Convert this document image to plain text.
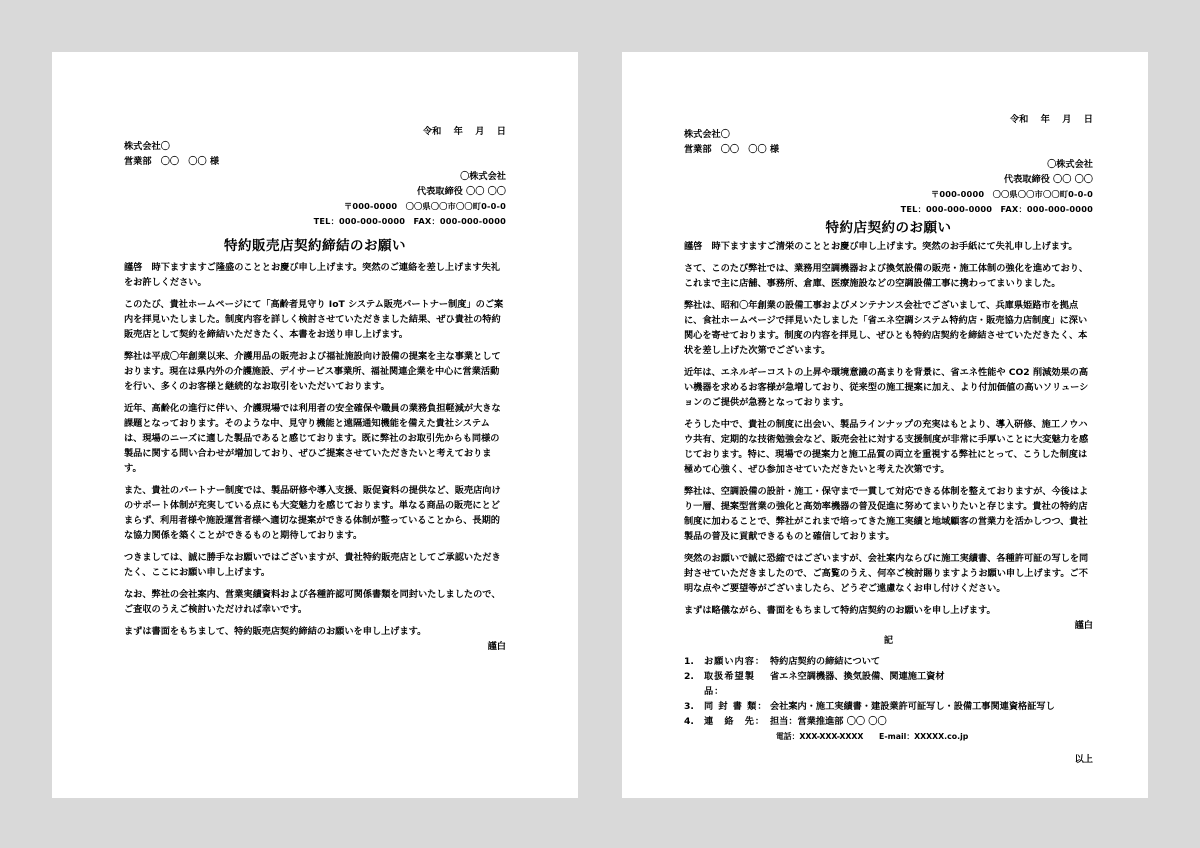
令和　 年　 月　 日
株式会社〇
営業部　〇〇　〇〇 様
〇株式会社
代表取締役 〇〇 〇〇
〒000-0000　〇〇県〇〇市〇〇町0-0-0
TEL：000-000-0000　FAX：000-000-0000
特約販売店契約締結のお願い

謹啓　時下ますますご隆盛のこととお慶び申し上げます。突然のご連絡を差し上げます失礼をお許しください。

このたび、貴社ホームページにて「高齢者見守り IoT システム販売パートナー制度」のご案内を拝見いたしました。制度内容を詳しく検討させていただきました結果、ぜひ貴社の特約販売店として契約を締結いただきたく、本書をお送り申し上げます。

弊社は平成〇年創業以来、介護用品の販売および福祉施設向け設備の提案を主な事業としております。現在は県内外の介護施設、デイサービス事業所、福祉関連企業を中心に営業活動を行い、多くのお客様と継続的なお取引をいただいております。

近年、高齢化の進行に伴い、介護現場では利用者の安全確保や職員の業務負担軽減が大きな課題となっております。そのような中、見守り機能と遠隔通知機能を備えた貴社システムは、現場のニーズに適した製品であると感じております。既に弊社のお取引先からも同様の製品に関する問い合わせが増加しており、ぜひご提案させていただきたいと考えております。

また、貴社のパートナー制度では、製品研修や導入支援、販促資料の提供など、販売店向けのサポート体制が充実している点にも大変魅力を感じております。単なる商品の販売にとどまらず、利用者様や施設運営者様へ適切な提案ができる体制が整っていることから、長期的な協力関係を築くことができるものと期待しております。

つきましては、誠に勝手なお願いではございますが、貴社特約販売店としてご承認いただきたく、ここにお願い申し上げます。

なお、弊社の会社案内、営業実績資料および各種許認可関係書類を同封いたしましたので、ご査収のうえご検討いただければ幸いです。

まずは書面をもちまして、特約販売店契約締結のお願いを申し上げます。

謹白
令和　 年　 月　 日
株式会社〇
営業部　〇〇　〇〇 様
〇株式会社
代表取締役 〇〇 〇〇
〒000-0000　〇〇県〇〇市〇〇町0-0-0
TEL：000-000-0000　FAX：000-000-0000
特約店契約のお願い

謹啓　時下ますますご清栄のこととお慶び申し上げます。突然のお手紙にて失礼申し上げます。

さて、このたび弊社では、業務用空調機器および換気設備の販売・施工体制の強化を進めており、これまで主に店舗、事務所、倉庫、医療施設などの空調設備工事に携わってまいりました。

弊社は、昭和〇年創業の設備工事およびメンテナンス会社でございまして、兵庫県姫路市を拠点に、食社ホームページで拝見いたしました「省エネ空調システム特約店・販売協力店制度」に深い関心を寄せております。制度の内容を拝見し、ぜひとも特約店契約を締結させていただきたく、本状を差し上げた次第でございます。

近年は、エネルギーコストの上昇や環境意識の高まりを背景に、省エネ性能や CO2 削減効果の高い機器を求めるお客様が急増しており、従来型の施工提案に加え、より付加価値の高いソリューションのご提供が急務となっております。

そうした中で、貴社の制度に出会い、製品ラインナップの充実はもとより、導入研修、施工ノウハウ共有、定期的な技術勉強会など、販売会社に対する支援制度が非常に手厚いことに大変魅力を感じております。特に、現場での提案力と施工品質の両立を重視する弊社にとって、こうした制度は極めて心強く、ぜひ参加させていただきたいと考えた次第です。

弊社は、空調設備の設計・施工・保守まで一貫して対応できる体制を整えておりますが、今後はより一層、提案型営業の強化と高効率機器の普及促進に努めてまいりたいと存じます。貴社の特約店制度に加わることで、弊社がこれまで培ってきた施工実績と地域顧客の営業力を活かしつつ、貴社製品の普及に貢献できるものと確信しております。

突然のお願いで誠に恐縮ではございますが、会社案内ならびに施工実績書、各種許可証の写しを同封させていただきましたので、ご高覧のうえ、何卒ご検討賜りますようお願い申し上げます。ご不明な点やご要望等がございましたら、どうぞご遠慮なくお申し付けください。

まずは略儀ながら、書面をもちまして特約店契約のお願いを申し上げます。

謹白
記
1.	お願い内容： 特約店契約の締結について
2.	取扱希望製品：
省エネ空調機器、換気設備、関連施工資材
3.	同 封 書 類： 会社案内・施工実績書・建設業許可証写し・設備工事関連資格証写し
4.	連　絡　先： 担当：営業推進部 〇〇 〇〇
電話：XXX-XXX-XXXX　　E-mail：XXXXX.co.jp
以上
